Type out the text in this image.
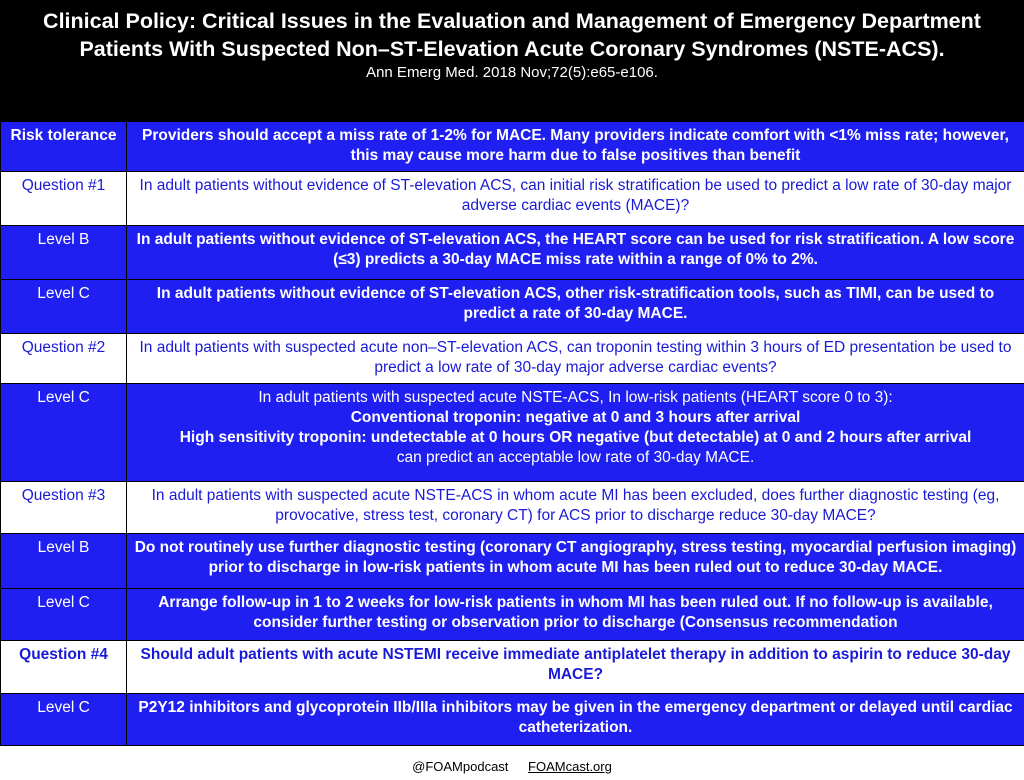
Clinical Policy: Critical Issues in the Evaluation and Management of Emergency Department Patients With Suspected Non–ST-Elevation Acute Coronary Syndromes (NSTE-ACS).
Ann Emerg Med. 2018 Nov;72(5):e65-e106.
Risk tolerance	Providers should accept a miss rate of 1-2% for MACE. Many providers indicate comfort with <1% miss rate; however, this may cause more harm due to false positives than benefit
Question #1	In adult patients without evidence of ST-elevation ACS, can initial risk stratification be used to predict a low rate of 30-day major adverse cardiac events (MACE)?
Level B	In adult patients without evidence of ST-elevation ACS, the HEART score can be used for risk stratification. A low score (≤3) predicts a 30-day MACE miss rate within a range of 0% to 2%.
Level C	In adult patients without evidence of ST-elevation ACS, other risk-stratification tools, such as TIMI, can be used to predict a rate of 30-day MACE.
Question #2	In adult patients with suspected acute non–ST-elevation ACS, can troponin testing within 3 hours of ED presentation be used to predict a low rate of 30-day major adverse cardiac events?
Level C	In adult patients with suspected acute NSTE-ACS, In low-risk patients (HEART score 0 to 3):
Conventional troponin: negative at 0 and 3 hours after arrival
High sensitivity troponin: undetectable at 0 hours OR negative (but detectable) at 0 and 2 hours after arrival
can predict an acceptable low rate of 30-day MACE.

Question #3	In adult patients with suspected acute NSTE-ACS in whom acute MI has been excluded, does further diagnostic testing (eg, provocative, stress test, coronary CT) for ACS prior to discharge reduce 30-day MACE?
Level B	Do not routinely use further diagnostic testing (coronary CT angiography, stress testing, myocardial perfusion imaging) prior to discharge in low-risk patients in whom acute MI has been ruled out to reduce 30-day MACE.
Level C	Arrange follow-up in 1 to 2 weeks for low-risk patients in whom MI has been ruled out. If no follow-up is available, consider further testing or observation prior to discharge (Consensus recommendation
Question #4	Should adult patients with acute NSTEMI receive immediate antiplatelet therapy in addition to aspirin to reduce 30-day MACE?
Level C	P2Y12 inhibitors and glycoprotein IIb/IIIa inhibitors may be given in the emergency department or delayed until cardiac catheterization.
@FOAMpodcast FOAMcast.org
